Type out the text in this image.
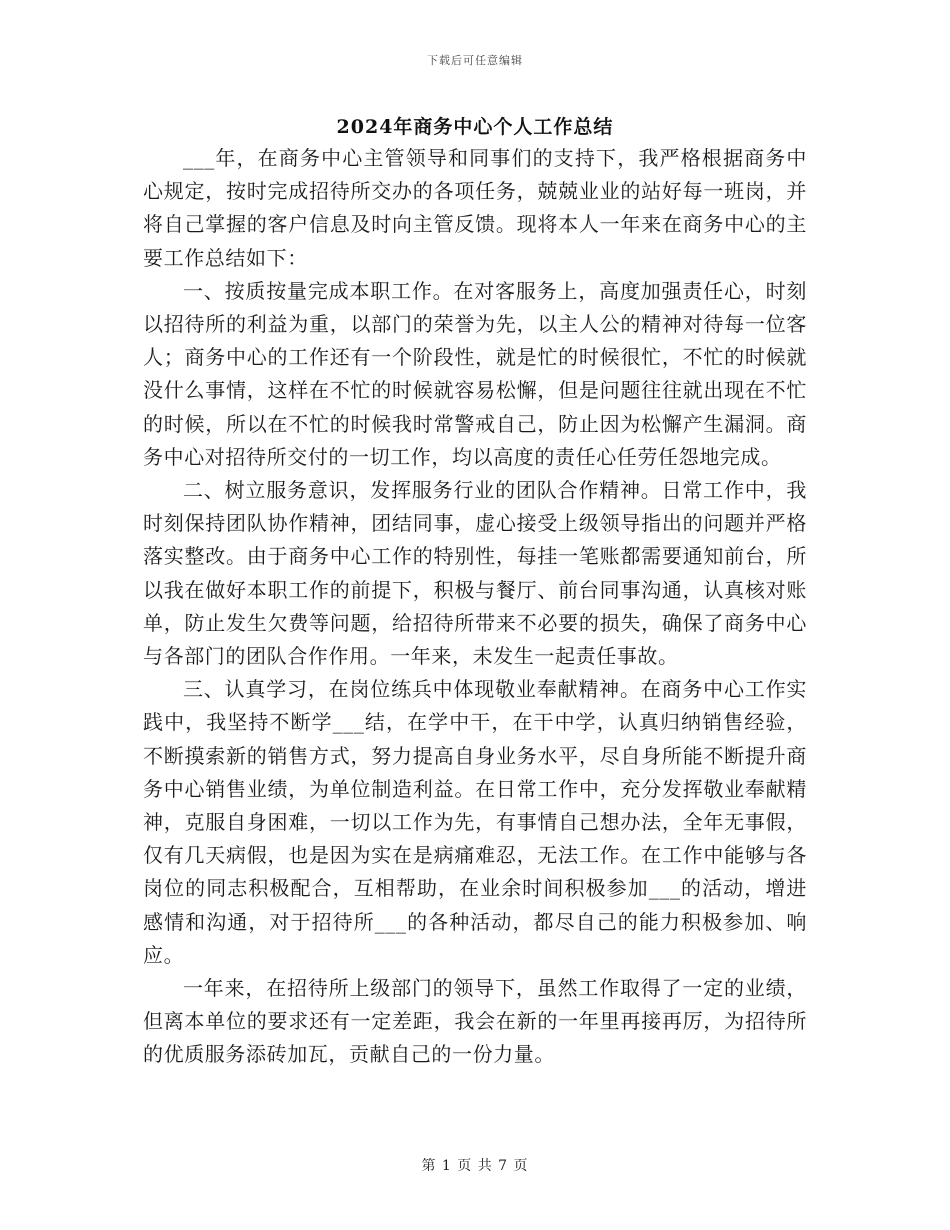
下载后可任意编辑
2024年商务中心个人工作总结

___年，在商务中心主管领导和同事们的支持下，我严格根据商务中心规定，按时完成招待所交办的各项任务，兢兢业业的站好每一班岗，并将自己掌握的客户信息及时向主管反馈。现将本人一年来在商务中心的主要工作总结如下：

一、按质按量完成本职工作。在对客服务上，高度加强责任心，时刻以招待所的利益为重，以部门的荣誉为先，以主人公的精神对待每一位客人；商务中心的工作还有一个阶段性，就是忙的时候很忙，不忙的时候就没什么事情，这样在不忙的时候就容易松懈，但是问题往往就出现在不忙的时候，所以在不忙的时候我时常警戒自己，防止因为松懈产生漏洞。商务中心对招待所交付的一切工作，均以高度的责任心任劳任怨地完成。

二、树立服务意识，发挥服务行业的团队合作精神。日常工作中，我时刻保持团队协作精神，团结同事，虚心接受上级领导指出的问题并严格落实整改。由于商务中心工作的特别性，每挂一笔账都需要通知前台，所以我在做好本职工作的前提下，积极与餐厅、前台同事沟通，认真核对账单，防止发生欠费等问题，给招待所带来不必要的损失，确保了商务中心与各部门的团队合作作用。一年来，未发生一起责任事故。

三、认真学习，在岗位练兵中体现敬业奉献精神。在商务中心工作实践中，我坚持不断学___结，在学中干，在干中学，认真归纳销售经验，不断摸索新的销售方式，努力提高自身业务水平，尽自身所能不断提升商务中心销售业绩，为单位制造利益。在日常工作中，充分发挥敬业奉献精神，克服自身困难，一切以工作为先，有事情自己想办法，全年无事假，仅有几天病假，也是因为实在是病痛难忍，无法工作。在工作中能够与各岗位的同志积极配合，互相帮助，在业余时间积极参加___的活动，增进感情和沟通，对于招待所___的各种活动，都尽自己的能力积极参加、响应。

一年来，在招待所上级部门的领导下，虽然工作取得了一定的业绩，但离本单位的要求还有一定差距，我会在新的一年里再接再厉，为招待所的优质服务添砖加瓦，贡献自己的一份力量。

第 1 页 共 7 页
